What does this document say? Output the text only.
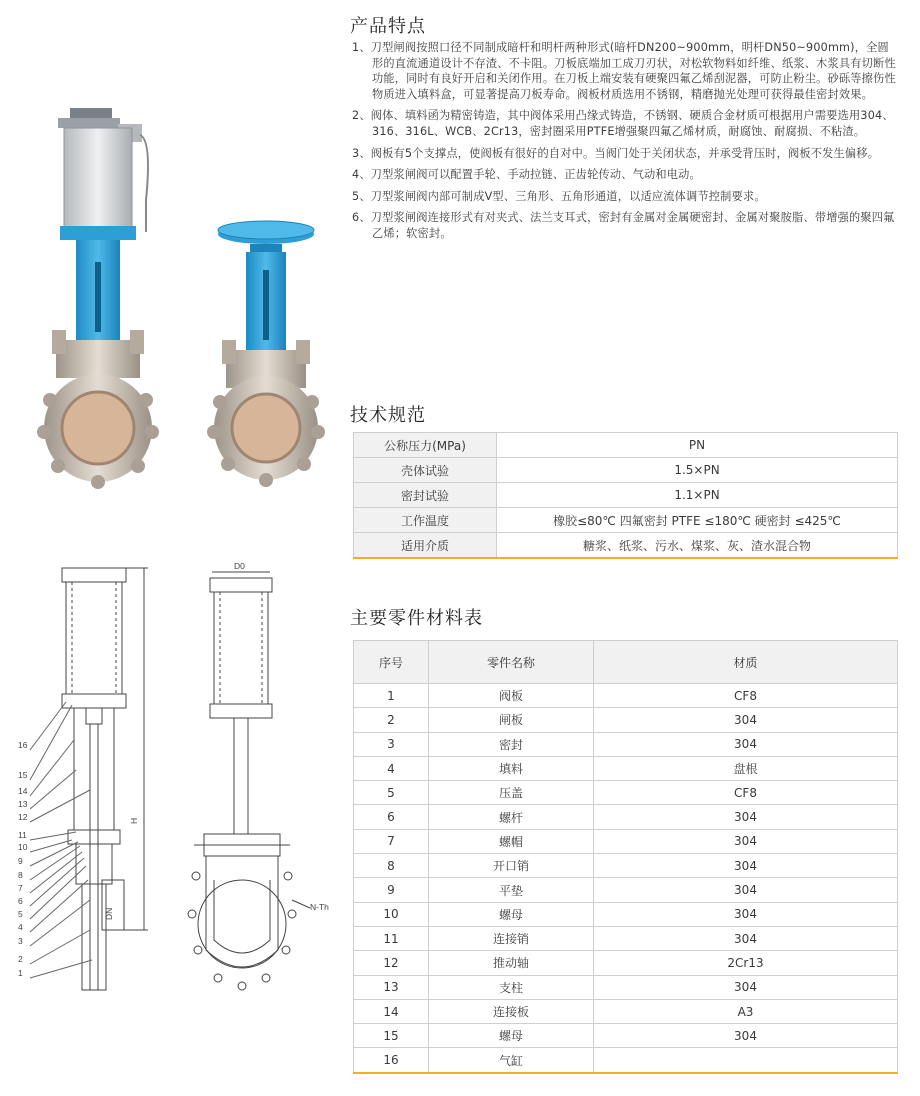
16
15
14
13
12
11
10
9
8
7
6
5
4
3
2
1
H
DN
D0
N-Th
产品特点
1、刀型闸阀按照口径不同制成暗杆和明杆两种形式(暗杆DN200~900mm，明杆DN50~900mm)，全圆形的直流通道设计不存渣、不卡阻。刀板底端加工成刀刃状，对松软物料如纤维、纸浆、木浆具有切断性功能，同时有良好开启和关闭作用。在刀板上端安装有硬聚四氟乙烯刮泥器，可防止粉尘。砂砾等擦伤性物质进入填料盒，可显著提高刀板寿命。阀板材质选用不锈钢，精磨抛光处理可获得最佳密封效果。
2、阀体、填料函为精密铸造，其中阀体采用凸缘式铸造，不锈钢、硬质合金材质可根据用户需要选用304、316、316L、WCB、2Cr13，密封圈采用PTFE增强聚四氟乙烯材质，耐腐蚀、耐腐损、不粘渣。
3、阀板有5个支撑点，使阀板有很好的自对中。当阀门处于关闭状态，并承受背压时，阀板不发生偏移。
4、刀型浆闸阀可以配置手轮、手动拉链、正齿轮传动、气动和电动。
5、刀型浆闸阀内部可制成V型、三角形、五角形通道，以适应流体调节控制要求。
6、刀型浆闸阀连接形式有对夹式、法兰支耳式，密封有金属对金属硬密封、金属对聚胺脂、带增强的聚四氟乙烯；软密封。
技术规范
公称压力(MPa)	PN
壳体试验	1.5×PN
密封试验	1.1×PN
工作温度	橡胶≤80℃ 四氟密封 PTFE ≤180℃ 硬密封 ≤425℃
适用介质	糖浆、纸浆、污水、煤浆、灰、渣水混合物
主要零件材料表
序号	零件名称	材质
1	阀板	CF8
2	闸板	304
3	密封	304
4	填料	盘根
5	压盖	CF8
6	螺杆	304
7	螺帽	304
8	开口销	304
9	平垫	304
10	螺母	304
11	连接销	304
12	推动轴	2Cr13
13	支柱	304
14	连接板	A3
15	螺母	304
16	气缸	
